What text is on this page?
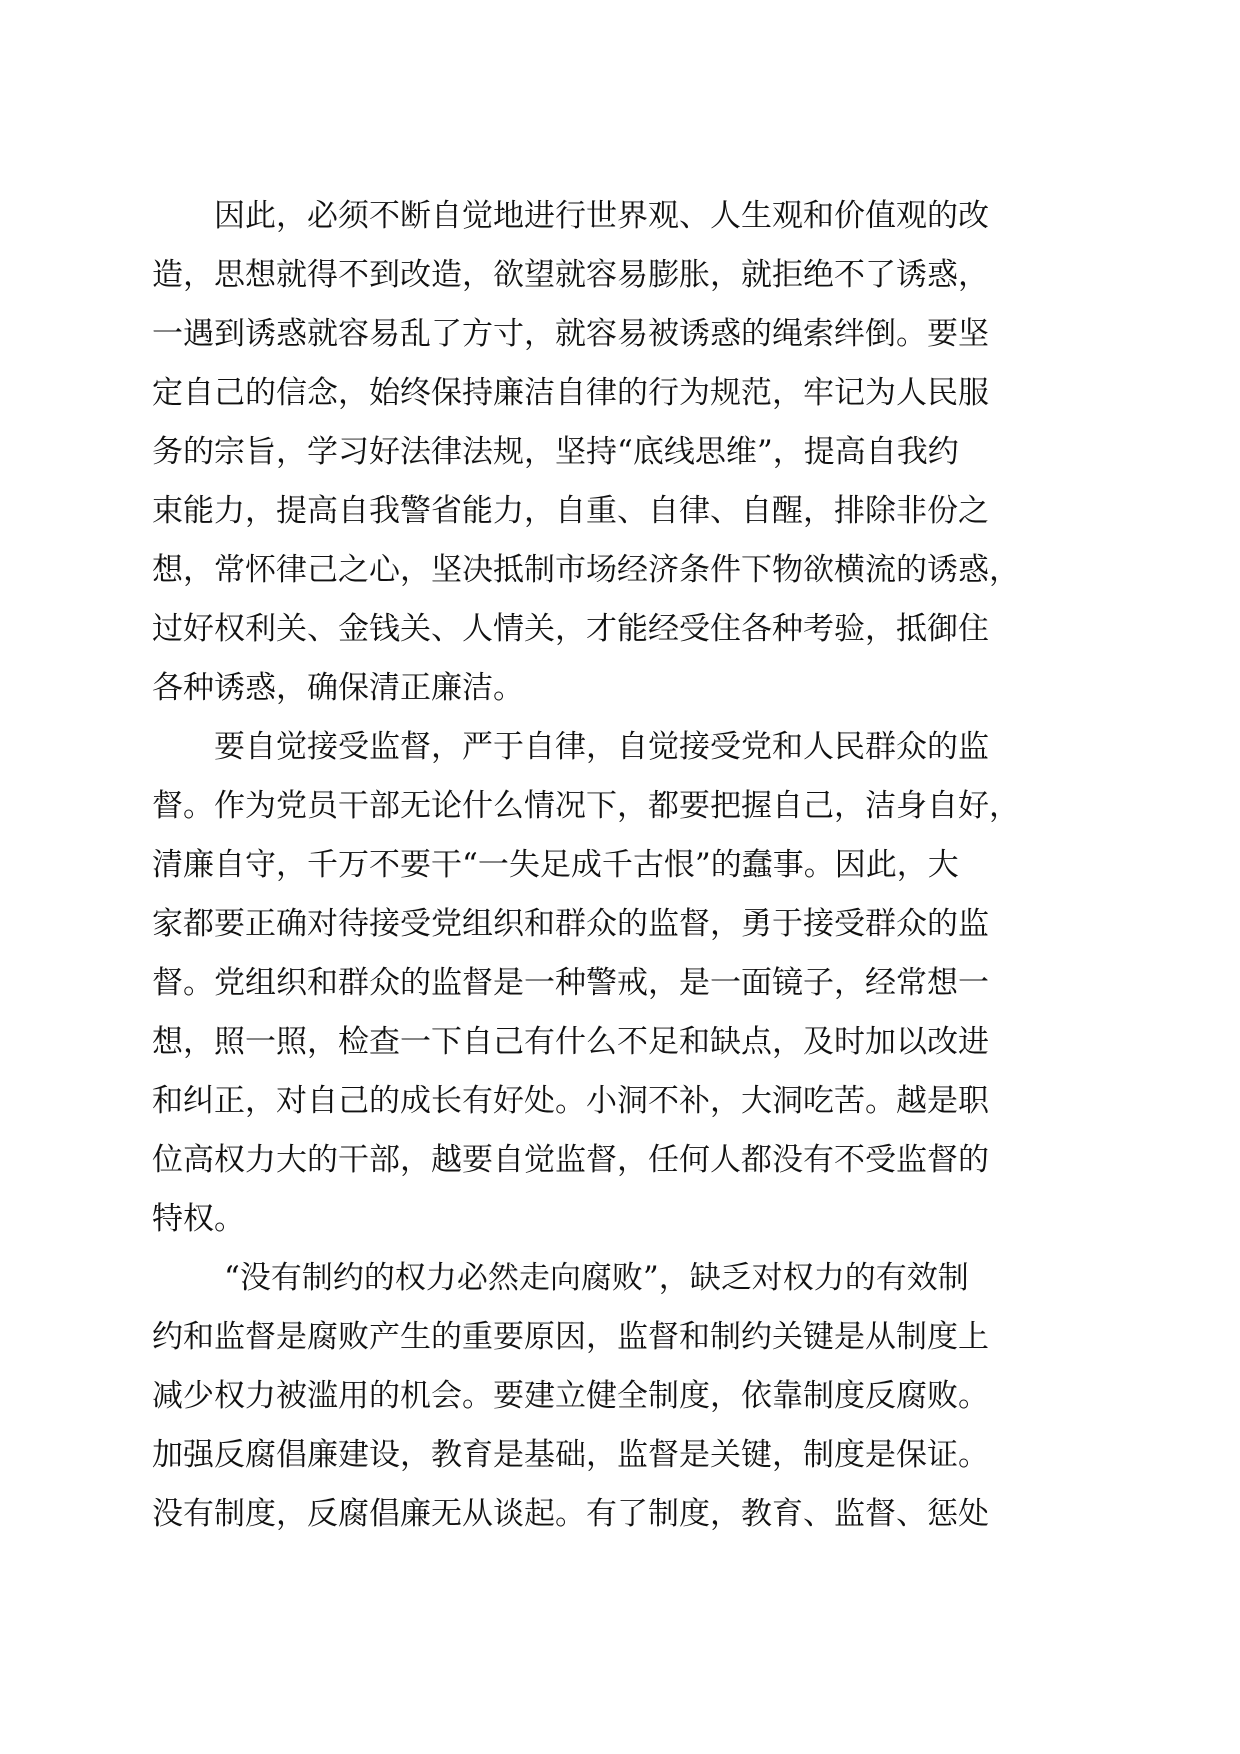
因此，必须不断自觉地进行世界观、人生观和价值观的改
造，思想就得不到改造，欲望就容易膨胀，就拒绝不了诱惑，
一遇到诱惑就容易乱了方寸，就容易被诱惑的绳索绊倒。要坚
定自己的信念，始终保持廉洁自律的行为规范，牢记为人民服
务的宗旨，学习好法律法规，坚持“底线思维”，提高自我约
束能力，提高自我警省能力，自重、自律、自醒，排除非份之
想，常怀律己之心，坚决抵制市场经济条件下物欲横流的诱惑，
过好权利关、金钱关、人情关，才能经受住各种考验，抵御住
各种诱惑，确保清正廉洁。
要自觉接受监督，严于自律，自觉接受党和人民群众的监
督。作为党员干部无论什么情况下，都要把握自己，洁身自好，
清廉自守，千万不要干“一失足成千古恨”的蠢事。因此，大
家都要正确对待接受党组织和群众的监督，勇于接受群众的监
督。党组织和群众的监督是一种警戒，是一面镜子，经常想一
想，照一照，检查一下自己有什么不足和缺点，及时加以改进
和纠正，对自己的成长有好处。小洞不补，大洞吃苦。越是职
位高权力大的干部，越要自觉监督，任何人都没有不受监督的
特权。
“没有制约的权力必然走向腐败”，缺乏对权力的有效制
约和监督是腐败产生的重要原因，监督和制约关键是从制度上
减少权力被滥用的机会。要建立健全制度，依靠制度反腐败。
加强反腐倡廉建设，教育是基础，监督是关键，制度是保证。
没有制度，反腐倡廉无从谈起。有了制度，教育、监督、惩处
